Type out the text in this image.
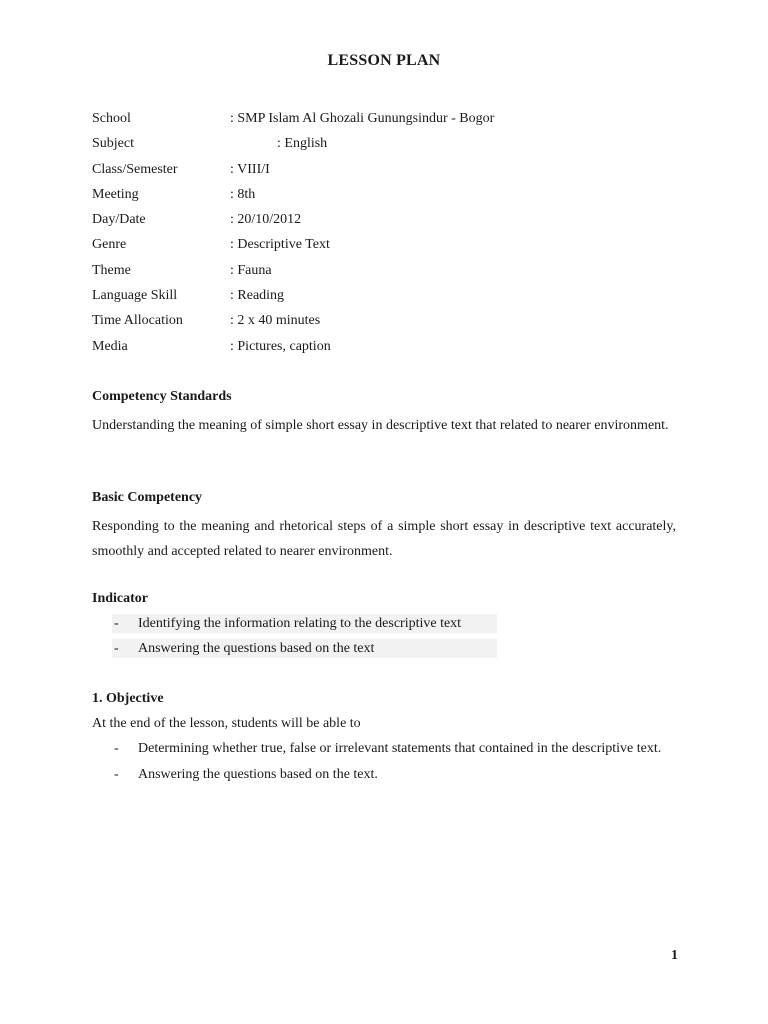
LESSON PLAN
School	: SMP Islam Al Ghozali Gunungsindur - Bogor
Subject	: English
Class/Semester	: VIII/I
Meeting	: 8th
Day/Date	: 20/10/2012
Genre	: Descriptive Text
Theme	: Fauna
Language Skill	: Reading
Time Allocation	: 2 x 40 minutes
Media	: Pictures, caption
Competency Standards

Understanding the meaning of simple short essay in descriptive text that related to nearer environment.

Basic Competency

Responding to the meaning and rhetorical steps of a simple short essay in descriptive text accurately, smoothly and accepted related to nearer environment.

Indicator
- Identifying the information relating to the descriptive text
- Answering the questions based on the text
1. Objective

At the end of the lesson, students will be able to

- Determining whether true, false or irrelevant statements that contained in the descriptive text.
- Answering the questions based on the text.
1
